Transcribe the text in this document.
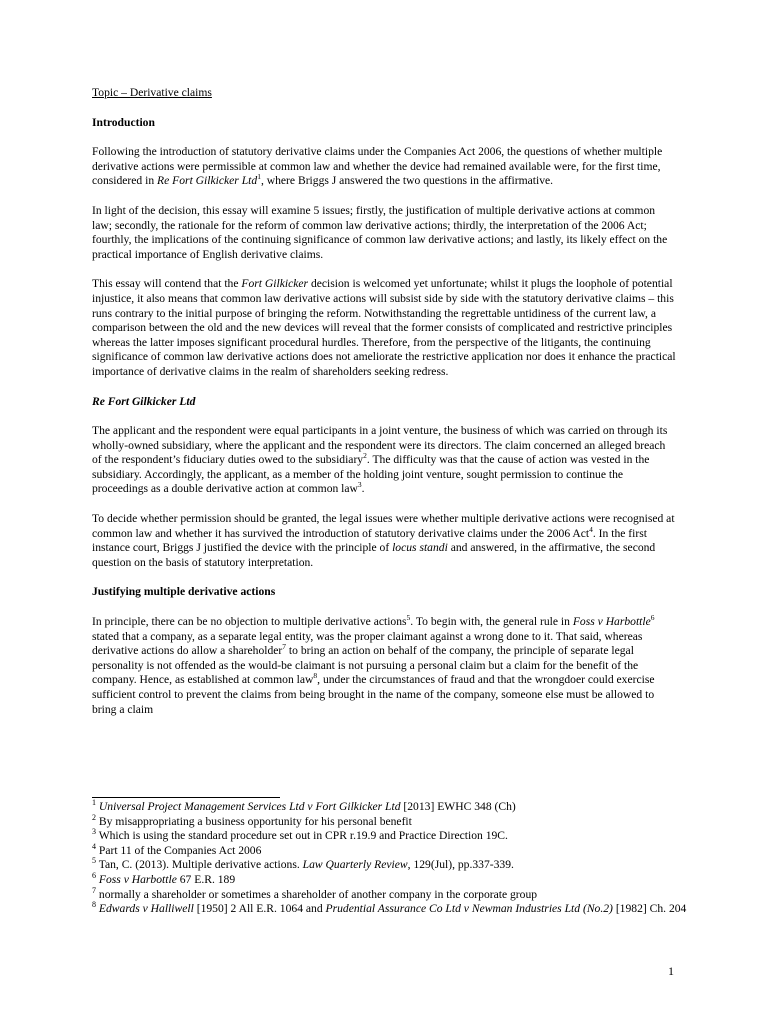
Topic – Derivative claims

Introduction

Following the introduction of statutory derivative claims under the Companies Act 2006, the questions of whether multiple derivative actions were permissible at common law and whether the device had remained available were, for the first time, considered in Re Fort Gilkicker Ltd$^1$, where Briggs J answered the two questions in the affirmative.

In light of the decision, this essay will examine 5 issues; firstly, the justification of multiple derivative actions at common law; secondly, the rationale for the reform of common law derivative actions; thirdly, the interpretation of the 2006 Act; fourthly, the implications of the continuing significance of common law derivative actions; and lastly, its likely effect on the practical importance of English derivative claims.

This essay will contend that the Fort Gilkicker decision is welcomed yet unfortunate; whilst it plugs the loophole of potential injustice, it also means that common law derivative actions will subsist side by side with the statutory derivative claims – this runs contrary to the initial purpose of bringing the reform. Notwithstanding the regrettable untidiness of the current law, a comparison between the old and the new devices will reveal that the former consists of complicated and restrictive principles whereas the latter imposes significant procedural hurdles. Therefore, from the perspective of the litigants, the continuing significance of common law derivative actions does not ameliorate the restrictive application nor does it enhance the practical importance of derivative claims in the realm of shareholders seeking redress.

Re Fort Gilkicker Ltd

The applicant and the respondent were equal participants in a joint venture, the business of which was carried on through its wholly-owned subsidiary, where the applicant and the respondent were its directors. The claim concerned an alleged breach of the respondent’s fiduciary duties owed to the subsidiary$^2$. The difficulty was that the cause of action was vested in the subsidiary. Accordingly, the applicant, as a member of the holding joint venture, sought permission to continue the proceedings as a double derivative action at common law$^3$.

To decide whether permission should be granted, the legal issues were whether multiple derivative actions were recognised at common law and whether it has survived the introduction of statutory derivative claims under the 2006 Act$^4$. In the first instance court, Briggs J justified the device with the principle of locus standi and answered, in the affirmative, the second question on the basis of statutory interpretation.

Justifying multiple derivative actions

In principle, there can be no objection to multiple derivative actions$^5$. To begin with, the general rule in Foss v Harbottle$^6$ stated that a company, as a separate legal entity, was the proper claimant against a wrong done to it. That said, whereas derivative actions do allow a shareholder$^7$ to bring an action on behalf of the company, the principle of separate legal personality is not offended as the would-be claimant is not pursuing a personal claim but a claim for the benefit of the company. Hence, as established at common law$^8$, under the circumstances of fraud and that the wrongdoer could exercise sufficient control to prevent the claims from being brought in the name of the company, someone else must be allowed to bring a claim

$^1$ Universal Project Management Services Ltd v Fort Gilkicker Ltd [2013] EWHC 348 (Ch)

$^2$ By misappropriating a business opportunity for his personal benefit

$^3$ Which is using the standard procedure set out in CPR r.19.9 and Practice Direction 19C.

$^4$ Part 11 of the Companies Act 2006

$^5$ Tan, C. (2013). Multiple derivative actions. Law Quarterly Review, 129(Jul), pp.337-339.

$^6$ Foss v Harbottle 67 E.R. 189

$^7$ normally a shareholder or sometimes a shareholder of another company in the corporate group

$^8$ Edwards v Halliwell [1950] 2 All E.R. 1064 and Prudential Assurance Co Ltd v Newman Industries Ltd (No.2) [1982] Ch. 204

1
